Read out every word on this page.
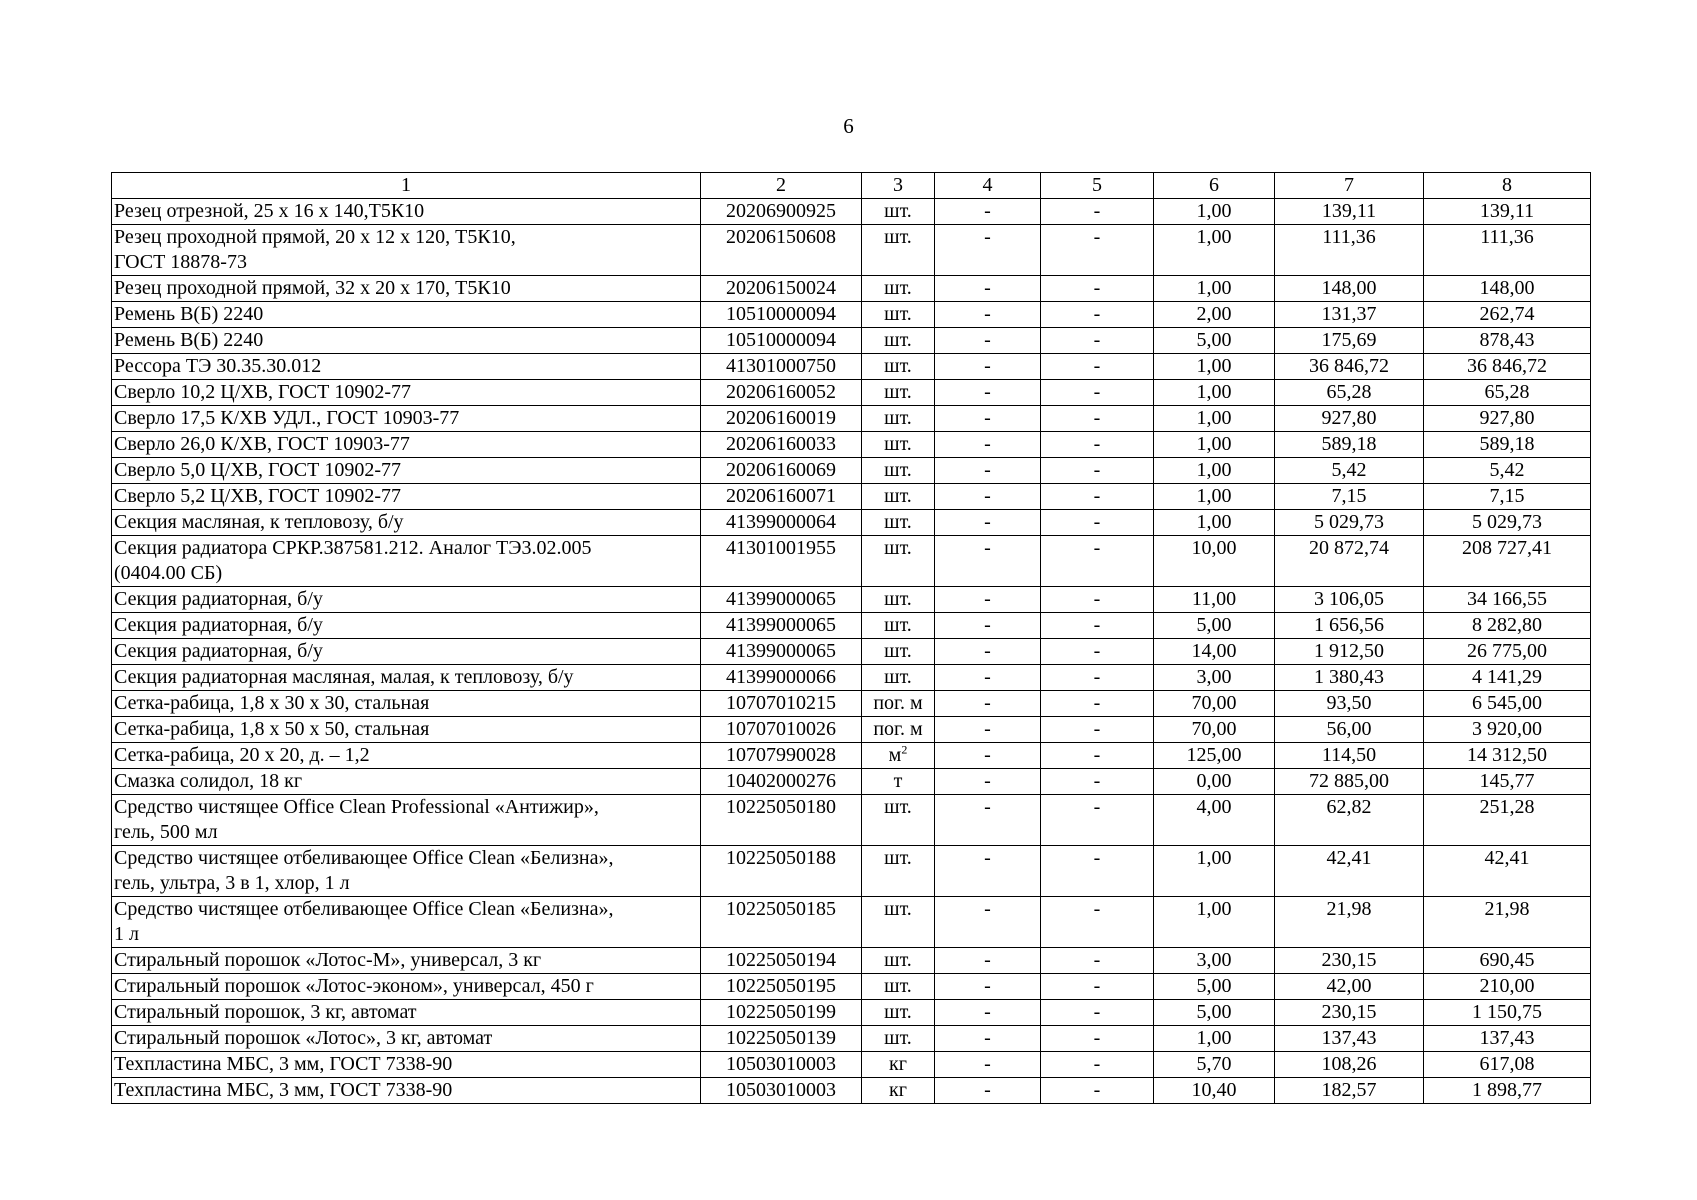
6
1	2	3	4	5	6	7	8
Резец отрезной, 25 х 16 х 140,Т5К10	20206900925	шт.	-	-	1,00	139,11	139,11
Резец проходной прямой, 20 х 12 х 120, Т5К10,
ГОСТ 18878-73	20206150608	шт.	-	-	1,00	111,36	111,36
Резец проходной прямой, 32 х 20 х 170, Т5К10	20206150024	шт.	-	-	1,00	148,00	148,00
Ремень В(Б) 2240	10510000094	шт.	-	-	2,00	131,37	262,74
Ремень В(Б) 2240	10510000094	шт.	-	-	5,00	175,69	878,43
Рессора ТЭ 30.35.30.012	41301000750	шт.	-	-	1,00	36 846,72	36 846,72
Сверло 10,2 Ц/ХВ, ГОСТ 10902-77	20206160052	шт.	-	-	1,00	65,28	65,28
Сверло 17,5 К/ХВ УДЛ., ГОСТ 10903-77	20206160019	шт.	-	-	1,00	927,80	927,80
Сверло 26,0 К/ХВ, ГОСТ 10903-77	20206160033	шт.	-	-	1,00	589,18	589,18
Сверло 5,0 Ц/ХВ, ГОСТ 10902-77	20206160069	шт.	-	-	1,00	5,42	5,42
Сверло 5,2 Ц/ХВ, ГОСТ 10902-77	20206160071	шт.	-	-	1,00	7,15	7,15
Секция масляная, к тепловозу, б/у	41399000064	шт.	-	-	1,00	5 029,73	5 029,73
Секция радиатора СРКР.387581.212. Аналог ТЭ3.02.005
(0404.00 СБ)	41301001955	шт.	-	-	10,00	20 872,74	208 727,41
Секция радиаторная, б/у	41399000065	шт.	-	-	11,00	3 106,05	34 166,55
Секция радиаторная, б/у	41399000065	шт.	-	-	5,00	1 656,56	8 282,80
Секция радиаторная, б/у	41399000065	шт.	-	-	14,00	1 912,50	26 775,00
Секция радиаторная масляная, малая, к тепловозу, б/у	41399000066	шт.	-	-	3,00	1 380,43	4 141,29
Сетка-рабица, 1,8 х 30 х 30, стальная	10707010215	пог. м	-	-	70,00	93,50	6 545,00
Сетка-рабица, 1,8 х 50 х 50, стальная	10707010026	пог. м	-	-	70,00	56,00	3 920,00
Сетка-рабица, 20 х 20, д. – 1,2	10707990028	$м^2$	-	-	125,00	114,50	14 312,50
Смазка солидол, 18 кг	10402000276	т	-	-	0,00	72 885,00	145,77
Средство чистящее Office Clean Professional «Антижир»,
гель, 500 мл	10225050180	шт.	-	-	4,00	62,82	251,28
Средство чистящее отбеливающее Office Clean «Белизна»,
гель, ультра, 3 в 1, хлор, 1 л	10225050188	шт.	-	-	1,00	42,41	42,41
Средство чистящее отбеливающее Office Clean «Белизна»,
1 л	10225050185	шт.	-	-	1,00	21,98	21,98
Стиральный порошок «Лотос-М», универсал, 3 кг	10225050194	шт.	-	-	3,00	230,15	690,45
Стиральный порошок «Лотос-эконом», универсал, 450 г	10225050195	шт.	-	-	5,00	42,00	210,00
Стиральный порошок, 3 кг, автомат	10225050199	шт.	-	-	5,00	230,15	1 150,75
Стиральный порошок «Лотос», 3 кг, автомат	10225050139	шт.	-	-	1,00	137,43	137,43
Техпластина МБС, 3 мм, ГОСТ 7338-90	10503010003	кг	-	-	5,70	108,26	617,08
Техпластина МБС, 3 мм, ГОСТ 7338-90	10503010003	кг	-	-	10,40	182,57	1 898,77
